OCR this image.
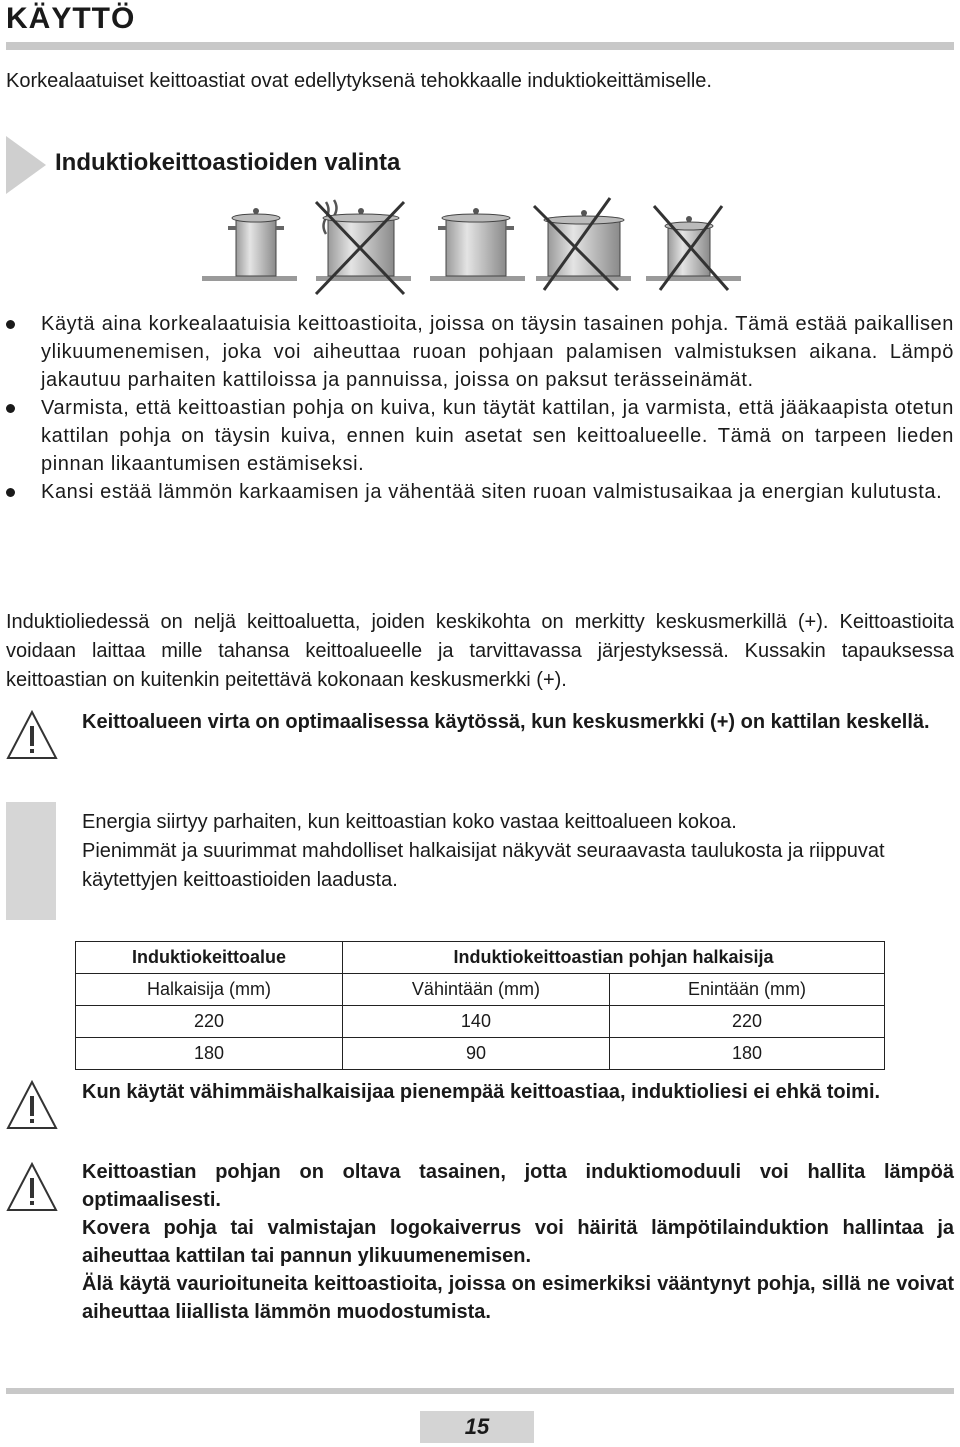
KÄYTTÖ
Korkealaatuiset keittoastiat ovat edellytyksenä tehokkaalle induktiokeittämiselle.
Induktiokeittoastioiden valinta
Käytä aina korkealaatuisia keittoastioita, joissa on täysin tasainen pohja. Tämä estää paikallisen ylikuumenemisen, joka voi aiheuttaa ruoan pohjaan palamisen valmistuksen aikana. Lämpö jakautuu parhaiten kattiloissa ja pannuissa, joissa on paksut terässeinämät.
Varmista, että keittoastian pohja on kuiva, kun täytät kattilan, ja varmista, että jääkaapista otetun kattilan pohja on täysin kuiva, ennen kuin asetat sen keittoalueelle. Tämä on tarpeen lieden pinnan likaantumisen estämiseksi.
Kansi estää lämmön karkaamisen ja vähentää siten ruoan valmistusaikaa ja energian kulutusta.
Induktioliedessä on neljä keittoaluetta, joiden keskikohta on merkitty keskusmerkillä (+). Keittoastioita voidaan laittaa mille tahansa keittoalueelle ja tarvittavassa järjestyksessä. Kussakin tapauksessa keittoastian on kuitenkin peitettävä kokonaan keskusmerkki (+).
Keittoalueen virta on optimaalisessa käytössä, kun keskusmerkki (+) on kattilan keskellä.
Energia siirtyy parhaiten, kun keittoastian koko vastaa keittoalueen kokoa.
Pienimmät ja suurimmat mahdolliset halkaisijat näkyvät seuraavasta taulukosta ja riippuvat käytettyjen keittoastioiden laadusta.
Induktiokeittoalue	Induktiokeittoastian pohjan halkaisija	
Halkaisija (mm)	Vähintään (mm)	Enintään (mm)
220	140	220
180	90	180
Kun käytät vähimmäishalkaisijaa pienempää keittoastiaa, induktioliesi ei ehkä toimi.
Keittoastian pohjan on oltava tasainen, jotta induktiomoduuli voi hallita lämpöä optimaalisesti.
Kovera pohja tai valmistajan logokaiverrus voi häiritä lämpötilainduktion hallintaa ja aiheuttaa kattilan tai pannun ylikuumenemisen.
Älä käytä vaurioituneita keittoastioita, joissa on esimerkiksi vääntynyt pohja, sillä ne voivat aiheuttaa liiallista lämmön muodostumista.
15
